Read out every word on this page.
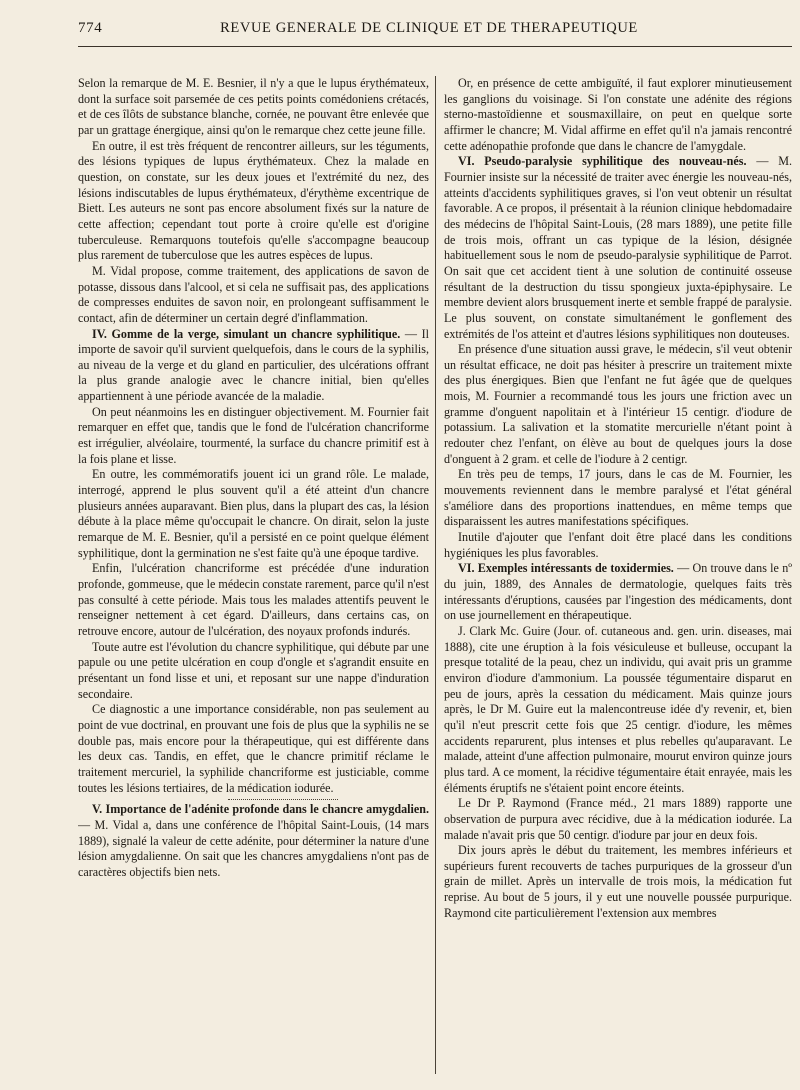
774	REVUE GENERALE DE CLINIQUE ET DE THERAPEUTIQUE

Selon la remarque de M. E. Besnier, il n'y a que le lupus érythémateux, dont la surface soit parsemée de ces petits points comédoniens crétacés, et de ces îlôts de substance blanche, cornée, ne pouvant être enlevée que par un grattage énergique, ainsi qu'on le remarque chez cette jeune fille.

En outre, il est très fréquent de rencontrer ailleurs, sur les téguments, des lésions typiques de lupus érythémateux. Chez la malade en question, on constate, sur les deux joues et l'extrémité du nez, des lésions indiscutables de lupus érythémateux, d'érythème excentrique de Biett. Les auteurs ne sont pas encore absolument fixés sur la nature de cette affection; cependant tout porte à croire qu'elle est d'origine tuberculeuse. Remarquons toutefois qu'elle s'accompagne beaucoup plus rarement de tuberculose que les autres espèces de lupus.

M. Vidal propose, comme traitement, des applications de savon de potasse, dissous dans l'alcool, et si cela ne suffisait pas, des applications de compresses enduites de savon noir, en prolongeant suffisamment le contact, afin de déterminer un certain degré d'inflammation.

IV. Gomme de la verge, simulant un chancre syphilitique. — Il importe de savoir qu'il survient quelquefois, dans le cours de la syphilis, au niveau de la verge et du gland en particulier, des ulcérations offrant la plus grande analogie avec le chancre initial, bien qu'elles appartiennent à une période avancée de la maladie.

On peut néanmoins les en distinguer objectivement. M. Fournier fait remarquer en effet que, tandis que le fond de l'ulcération chancriforme est irrégulier, alvéolaire, tourmenté, la surface du chancre primitif est à la fois plane et lisse.

En outre, les commémoratifs jouent ici un grand rôle. Le malade, interrogé, apprend le plus souvent qu'il a été atteint d'un chancre plusieurs années auparavant. Bien plus, dans la plupart des cas, la lésion débute à la place même qu'occupait le chancre. On dirait, selon la juste remarque de M. E. Besnier, qu'il a persisté en ce point quelque élément syphilitique, dont la germination ne s'est faite qu'à une époque tardive.

Enfin, l'ulcération chancriforme est précédée d'une induration profonde, gommeuse, que le médecin constate rarement, parce qu'il n'est pas consulté à cette période. Mais tous les malades attentifs peuvent le renseigner nettement à cet égard. D'ailleurs, dans certains cas, on retrouve encore, autour de l'ulcération, des noyaux profonds indurés.

Toute autre est l'évolution du chancre syphilitique, qui débute par une papule ou une petite ulcération en coup d'ongle et s'agrandit ensuite en présentant un fond lisse et uni, et reposant sur une nappe d'induration secondaire.

Ce diagnostic a une importance considérable, non pas seulement au point de vue doctrinal, en prouvant une fois de plus que la syphilis ne se double pas, mais encore pour la thérapeutique, qui est différente dans les deux cas. Tandis, en effet, que le chancre primitif réclame le traitement mercuriel, la syphilide chancriforme est justiciable, comme toutes les lésions tertiaires, de la médication iodurée.

V. Importance de l'adénite profonde dans le chancre amygdalien. — M. Vidal a, dans une conférence de l'hôpital Saint-Louis, (14 mars 1889), signalé la valeur de cette adénite, pour déterminer la nature d'une lésion amygdalienne. On sait que les chancres amygdaliens n'ont pas de caractères objectifs bien nets.

Or, en présence de cette ambiguïté, il faut explorer minutieusement les ganglions du voisinage. Si l'on constate une adénite des régions sterno-mastoïdienne et sousmaxillaire, on peut en quelque sorte affirmer le chancre; M. Vidal affirme en effet qu'il n'a jamais rencontré cette adénopathie profonde que dans le chancre de l'amygdale.

VI. Pseudo-paralysie syphilitique des nouveau-nés. — M. Fournier insiste sur la nécessité de traiter avec énergie les nouveau-nés, atteints d'accidents syphilitiques graves, si l'on veut obtenir un résultat favorable. A ce propos, il présentait à la réunion clinique hebdomadaire des médecins de l'hôpital Saint-Louis, (28 mars 1889), une petite fille de trois mois, offrant un cas typique de la lésion, désignée habituellement sous le nom de pseudo-paralysie syphilitique de Parrot. On sait que cet accident tient à une solution de continuité osseuse résultant de la destruction du tissu spongieux juxta-épiphysaire. Le membre devient alors brusquement inerte et semble frappé de paralysie. Le plus souvent, on constate simultanément le gonflement des extrémités de l'os atteint et d'autres lésions syphilitiques non douteuses.

En présence d'une situation aussi grave, le médecin, s'il veut obtenir un résultat efficace, ne doit pas hésiter à prescrire un traitement mixte des plus énergiques. Bien que l'enfant ne fut âgée que de quelques mois, M. Fournier a recommandé tous les jours une friction avec un gramme d'onguent napolitain et à l'intérieur 15 centigr. d'iodure de potassium. La salivation et la stomatite mercurielle n'étant point à redouter chez l'enfant, on élève au bout de quelques jours la dose d'onguent à 2 gram. et celle de l'iodure à 2 centigr.

En très peu de temps, 17 jours, dans le cas de M. Fournier, les mouvements reviennent dans le membre paralysé et l'état général s'améliore dans des proportions inattendues, en même temps que disparaissent les autres manifestations spécifiques.

Inutile d'ajouter que l'enfant doit être placé dans les conditions hygiéniques les plus favorables.

VI. Exemples intéressants de toxidermies. — On trouve dans le nº du juin, 1889, des Annales de dermatologie, quelques faits très intéressants d'éruptions, causées par l'ingestion des médicaments, dont on use journellement en thérapeutique.

J. Clark Mc. Guire (Jour. of. cutaneous and. gen. urin. diseases, mai 1888), cite une éruption à la fois vésiculeuse et bulleuse, occupant la presque totalité de la peau, chez un individu, qui avait pris un gramme environ d'iodure d'ammonium. La poussée tégumentaire disparut en peu de jours, après la cessation du médicament. Mais quinze jours après, le Dr M. Guire eut la malencontreuse idée d'y revenir, et, bien qu'il n'eut prescrit cette fois que 25 centigr. d'iodure, les mêmes accidents reparurent, plus intenses et plus rebelles qu'auparavant. Le malade, atteint d'une affection pulmonaire, mourut environ quinze jours plus tard. A ce moment, la récidive tégumentaire était enrayée, mais les éléments éruptifs ne s'étaient point encore éteints.

Le Dr P. Raymond (France méd., 21 mars 1889) rapporte une observation de purpura avec récidive, due à la médication iodurée. La malade n'avait pris que 50 centigr. d'iodure par jour en deux fois.

Dix jours après le début du traitement, les membres inférieurs et supérieurs furent recouverts de taches purpuriques de la grosseur d'un grain de millet. Après un intervalle de trois mois, la médication fut reprise. Au bout de 5 jours, il y eut une nouvelle poussée purpurique. Raymond cite particulièrement l'extension aux membres
